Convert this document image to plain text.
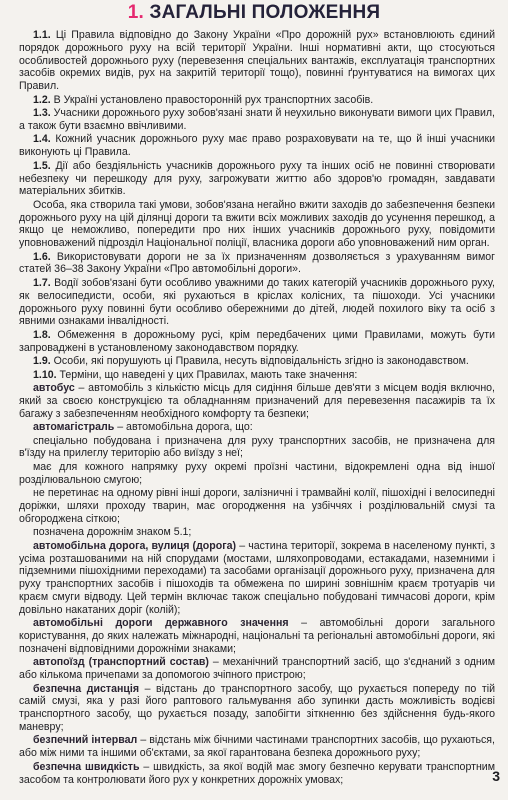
1. ЗАГАЛЬНІ ПОЛОЖЕННЯ

1.1. Ці Правила відповідно до Закону України «Про дорожній рух» встановлюють єдиний порядок дорожнього руху на всій території України. Інші нормативні акти, що стосуються особливостей дорожнього руху (перевезення спеціальних вантажів, експлуатація транспортних засобів окремих видів, рух на закритій території тощо), повинні ґрунтуватися на вимогах цих Правил.

1.2. В Україні установлено правосторонній рух транспортних засобів.

1.3. Учасники дорожнього руху зобов'язані знати й неухильно виконувати вимоги цих Правил, а також бути взаємно ввічливими.

1.4. Кожний учасник дорожнього руху має право розраховувати на те, що й інші учасники виконують ці Правила.

1.5. Дії або бездіяльність учасників дорожнього руху та інших осіб не повинні створювати небезпеку чи перешкоду для руху, загрожувати життю або здоров'ю громадян, завдавати матеріальних збитків.

Особа, яка створила такі умови, зобов'язана негайно вжити заходів до забезпечення безпеки дорожнього руху на цій ділянці дороги та вжити всіх можливих заходів до усунення перешкод, а якщо це неможливо, попередити про них інших учасників дорожнього руху, повідомити уповноважений підрозділ Національної поліції, власника дороги або уповноважений ним орган.

1.6. Використовувати дороги не за їх призначенням дозволяється з урахуванням вимог статей 36–38 Закону України «Про автомобільні дороги».

1.7. Водії зобов'язані бути особливо уважними до таких категорій учасників дорожнього руху, як велосипедисти, особи, які рухаються в кріслах колісних, та пішоходи. Усі учасники дорожнього руху повинні бути особливо обережними до дітей, людей похилого віку та осіб з явними ознаками інвалідності.

1.8. Обмеження в дорожньому русі, крім передбачених цими Правилами, можуть бути запроваджені в установленому законодавством порядку.

1.9. Особи, які порушують ці Правила, несуть відповідальність згідно із законодавством.

1.10. Терміни, що наведені у цих Правилах, мають таке значення:

автобус – автомобіль з кількістю місць для сидіння більше дев'яти з місцем водія включно, який за своєю конструкцією та обладнанням призначений для перевезення пасажирів та їх багажу з забезпеченням необхідного комфорту та безпеки;

автомагістраль – автомобільна дорога, що:

спеціально побудована і призначена для руху транспортних засобів, не призначена для в'їзду на прилеглу територію або виїзду з неї;

має для кожного напрямку руху окремі проїзні частини, відокремлені одна від іншої розділювальною смугою;

не перетинає на одному рівні інші дороги, залізничні і трамвайні колії, пішохідні і велосипедні доріжки, шляхи проходу тварин, має огородження на узбіччях і розділювальній смузі та обгороджена сіткою;

позначена дорожнім знаком 5.1;

автомобільна дорога, вулиця (дорога) – частина території, зокрема в населеному пункті, з усіма розташованими на ній спорудами (мостами, шляхопроводами, естакадами, наземними і підземними пішохідними переходами) та засобами організації дорожнього руху, призначена для руху транспортних засобів і пішоходів та обмежена по ширині зовнішнім краєм тротуарів чи краєм смуги відводу. Цей термін включає також спеціально побудовані тимчасові дороги, крім довільно накатаних доріг (колій);

автомобільні дороги державного значення – автомобільні дороги загального користування, до яких належать міжнародні, національні та регіональні автомобільні дороги, які позначені відповідними дорожніми знаками;

автопоїзд (транспортний состав) – механічний транспортний засіб, що з'єднаний з одним або кількома причепами за допомогою зчіпного пристрою;

безпечна дистанція – відстань до транспортного засобу, що рухається попереду по тій самій смузі, яка у разі його раптового гальмування або зупинки дасть можливість водієві транспортного засобу, що рухається позаду, запобігти зіткненню без здійснення будь-якого маневру;

безпечний інтервал – відстань між бічними частинами транспортних засобів, що рухаються, або між ними та іншими об'єктами, за якої гарантована безпека дорожнього руху;

безпечна швидкість – швидкість, за якої водій має змогу безпечно керувати транспортним засобом та контролювати його рух у конкретних дорожніх умовах;	3
